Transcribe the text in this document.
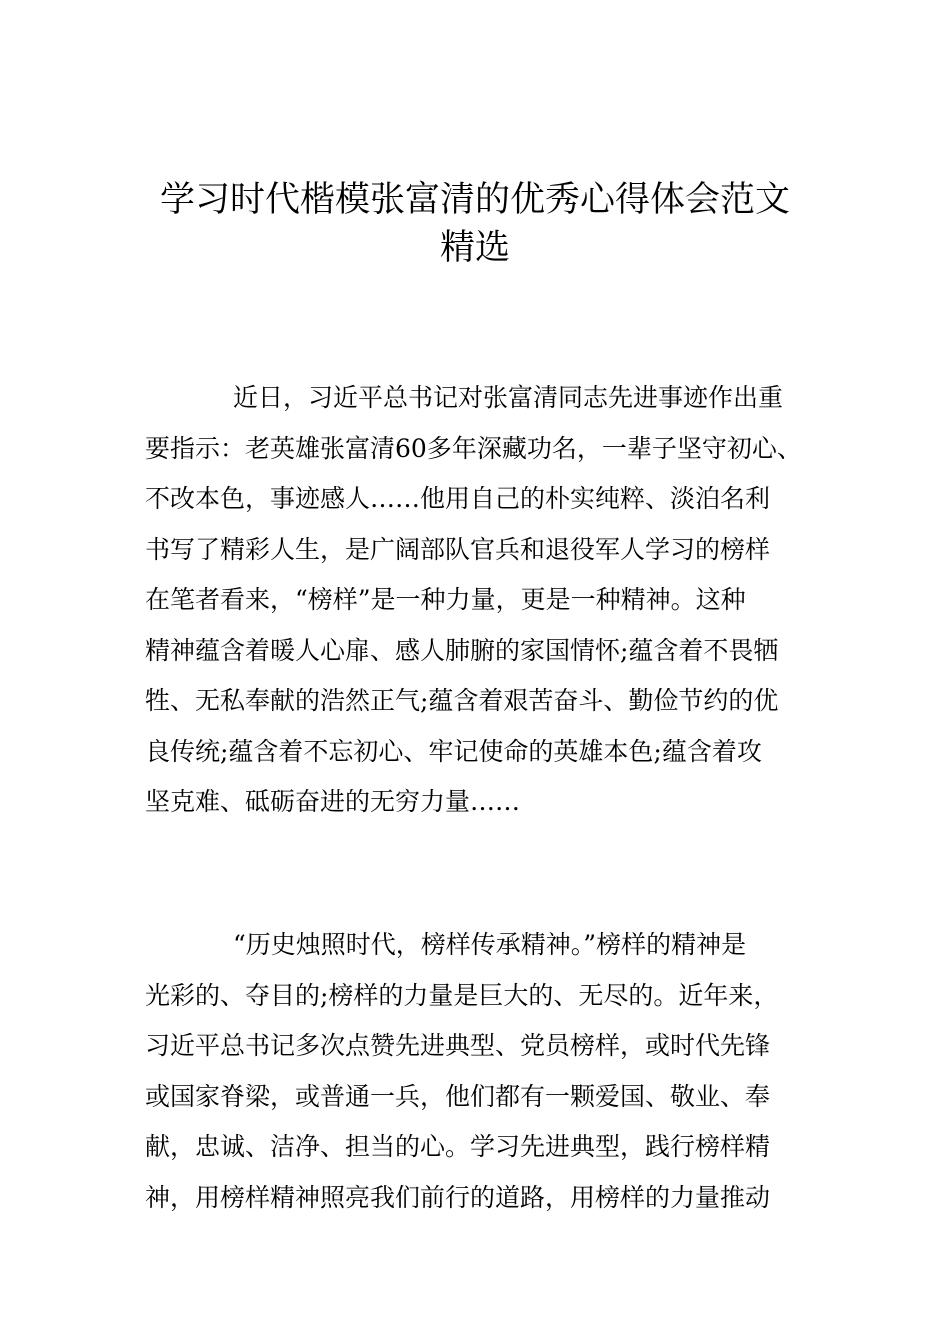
学习时代楷模张富清的优秀心得体会范文
精选
近日，习近平总书记对张富清同志先进事迹作出重
要指示：老英雄张富清60多年深藏功名，一辈子坚守初心、
不改本色，事迹感人……他用自己的朴实纯粹、淡泊名利
书写了精彩人生，是广阔部队官兵和退役军人学习的榜样
在笔者看来，“榜样”是一种力量，更是一种精神。这种
精神蕴含着暖人心扉、感人肺腑的家国情怀;蕴含着不畏牺
牲、无私奉献的浩然正气;蕴含着艰苦奋斗、勤俭节约的优
良传统;蕴含着不忘初心、牢记使命的英雄本色;蕴含着攻
坚克难、砥砺奋进的无穷力量……
“历史烛照时代，榜样传承精神。”榜样的精神是
光彩的、夺目的;榜样的力量是巨大的、无尽的。近年来，
习近平总书记多次点赞先进典型、党员榜样，或时代先锋
或国家脊梁，或普通一兵，他们都有一颗爱国、敬业、奉
献，忠诚、洁净、担当的心。学习先进典型，践行榜样精
神，用榜样精神照亮我们前行的道路，用榜样的力量推动
